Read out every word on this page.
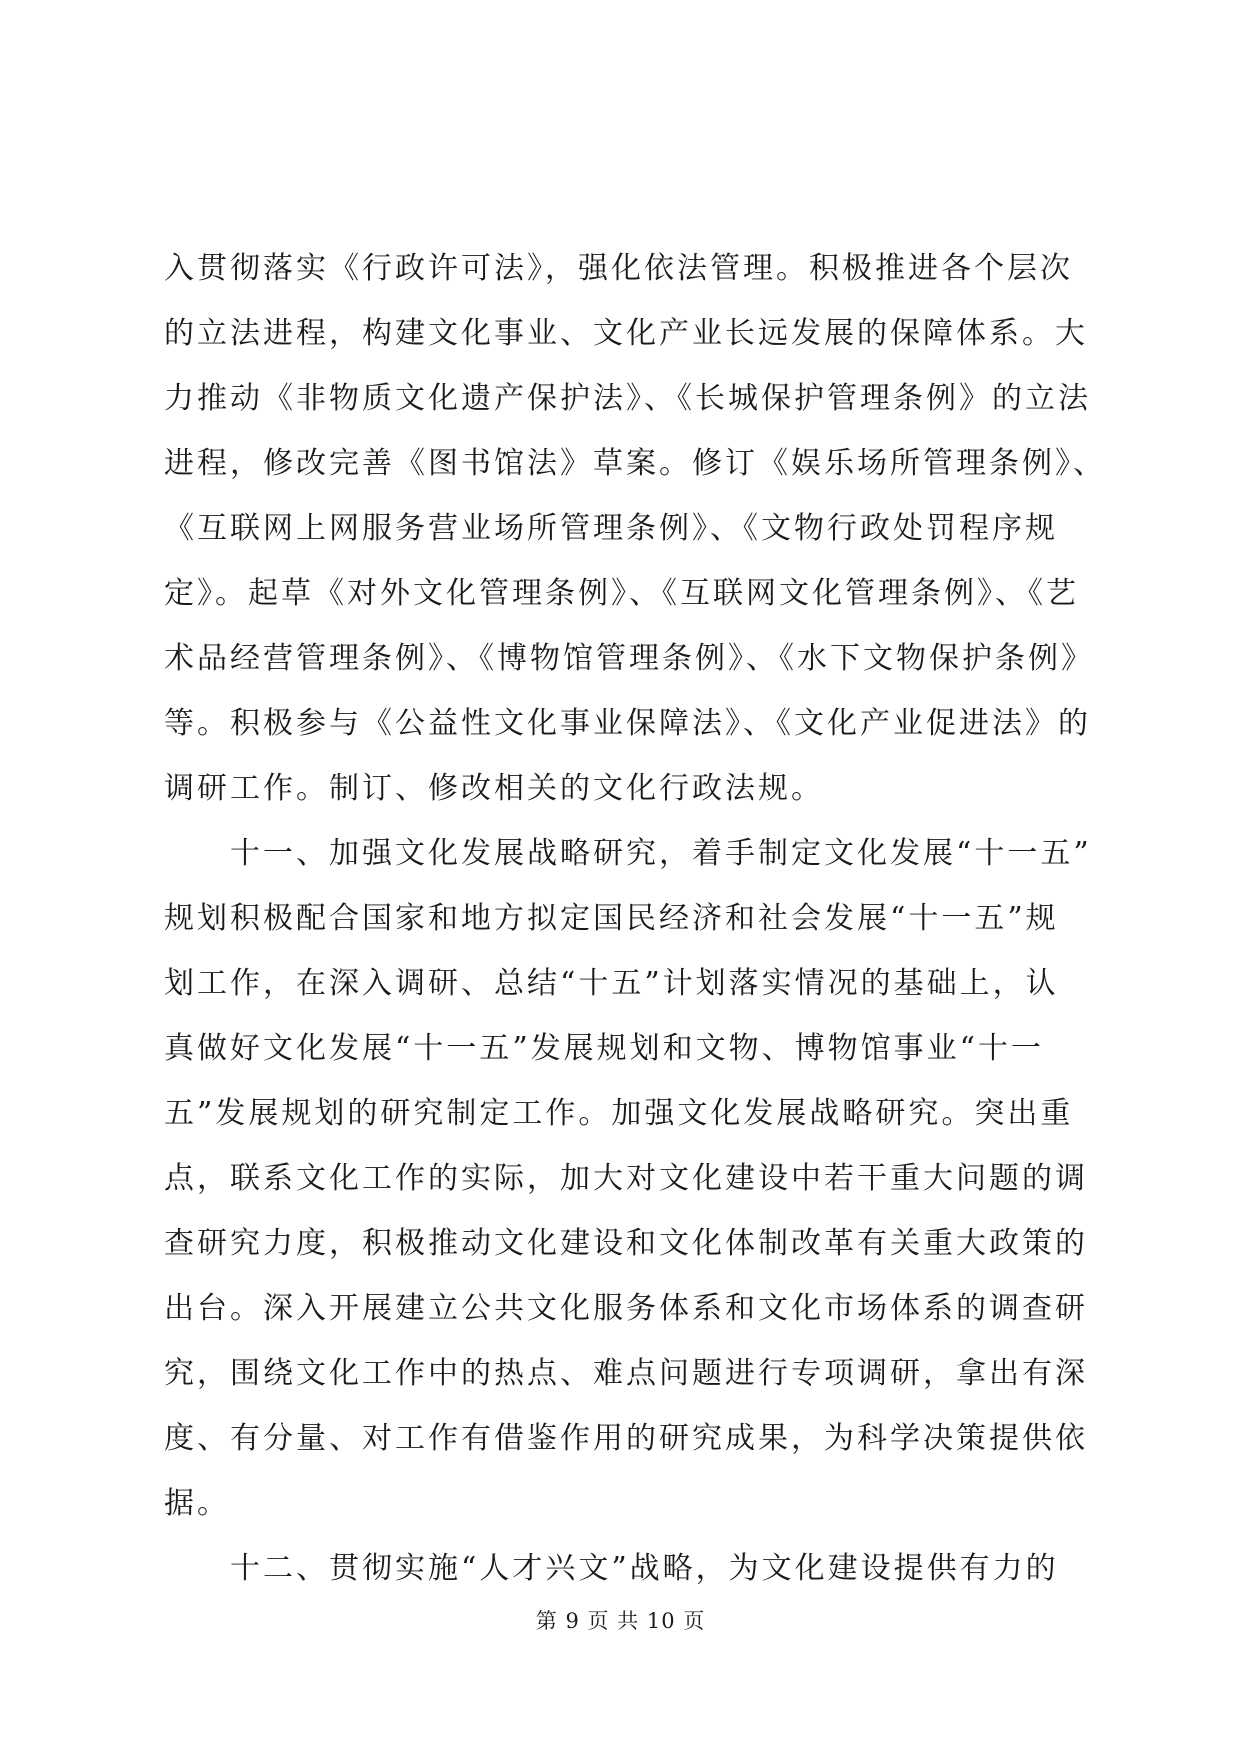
入贯彻落实《行政许可法》，强化依法管理。积极推进各个层次
的立法进程，构建文化事业、文化产业长远发展的保障体系。大
力推动《非物质文化遗产保护法》、《长城保护管理条例》的立法
进程，修改完善《图书馆法》草案。修订《娱乐场所管理条例》、
《互联网上网服务营业场所管理条例》、《文物行政处罚程序规
定》。起草《对外文化管理条例》、《互联网文化管理条例》、《艺
术品经营管理条例》、《博物馆管理条例》、《水下文物保护条例》
等。积极参与《公益性文化事业保障法》、《文化产业促进法》的
调研工作。制订、修改相关的文化行政法规。
十一、加强文化发展战略研究，着手制定文化发展“十一五”
规划积极配合国家和地方拟定国民经济和社会发展“十一五”规
划工作，在深入调研、总结“十五”计划落实情况的基础上，认
真做好文化发展“十一五”发展规划和文物、博物馆事业“十一
五”发展规划的研究制定工作。加强文化发展战略研究。突出重
点，联系文化工作的实际，加大对文化建设中若干重大问题的调
查研究力度，积极推动文化建设和文化体制改革有关重大政策的
出台。深入开展建立公共文化服务体系和文化市场体系的调查研
究，围绕文化工作中的热点、难点问题进行专项调研，拿出有深
度、有分量、对工作有借鉴作用的研究成果，为科学决策提供依
据。
十二、贯彻实施“人才兴文”战略，为文化建设提供有力的
第 9 页 共 10 页
